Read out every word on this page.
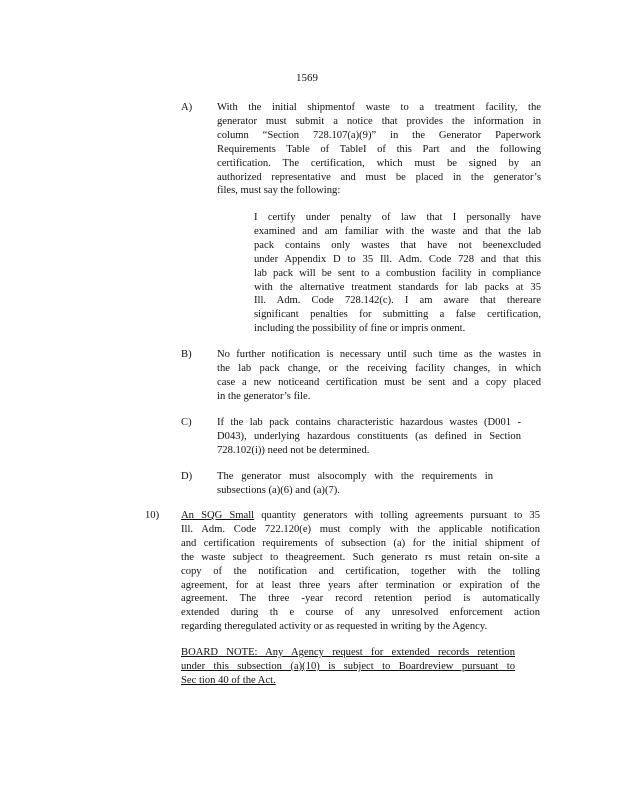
1569
A) With the initial shipmentof waste to a treatment facility, the
generator must submit a notice that provides the information in
column “Section 728.107(a)(9)” in the Generator Paperwork
Requirements Table of TableI of this Part and the following
certification. The certification, which must be signed by an
authorized representative and must be placed in the generator’s
files, must say the following:
I certify under penalty of law that I personally have
examined and am familiar with the waste and that the lab
pack contains only wastes that have not beenexcluded
under Appendix D to 35 Ill. Adm. Code 728 and that this
lab pack will be sent to a combustion facility in compliance
with the alternative treatment standards for lab packs at 35
Ill. Adm. Code 728.142(c). I am aware that thereare
significant penalties for submitting a false certification,
including the possibility of fine or impris onment.
B) No further notification is necessary until such time as the wastes in
the lab pack change, or the receiving facility changes, in which
case a new noticeand certification must be sent and a copy placed
in the generator’s file.
C) If the lab pack contains characteristic hazardous wastes (D001 -
D043), underlying hazardous constituents (as defined in Section
728.102(i)) need not be determined.
D) The generator must alsocomply with the requirements in
subsections (a)(6) and (a)(7).
10) An SQG Small quantity generators with tolling agreements pursuant to 35
Ill. Adm. Code 722.120(e) must comply with the applicable notification
and certification requirements of subsection (a) for the initial shipment of
the waste subject to theagreement. Such generato rs must retain on-site a
copy of the notification and certification, together with the tolling
agreement, for at least three years after termination or expiration of the
agreement. The three -year record retention period is automatically
extended during th e course of any unresolved enforcement action
regarding theregulated activity or as requested in writing by the Agency.
BOARD NOTE: Any Agency request for extended records retention
under this subsection (a)(10) is subject to Boardreview pursuant to
Sec tion 40 of the Act.
